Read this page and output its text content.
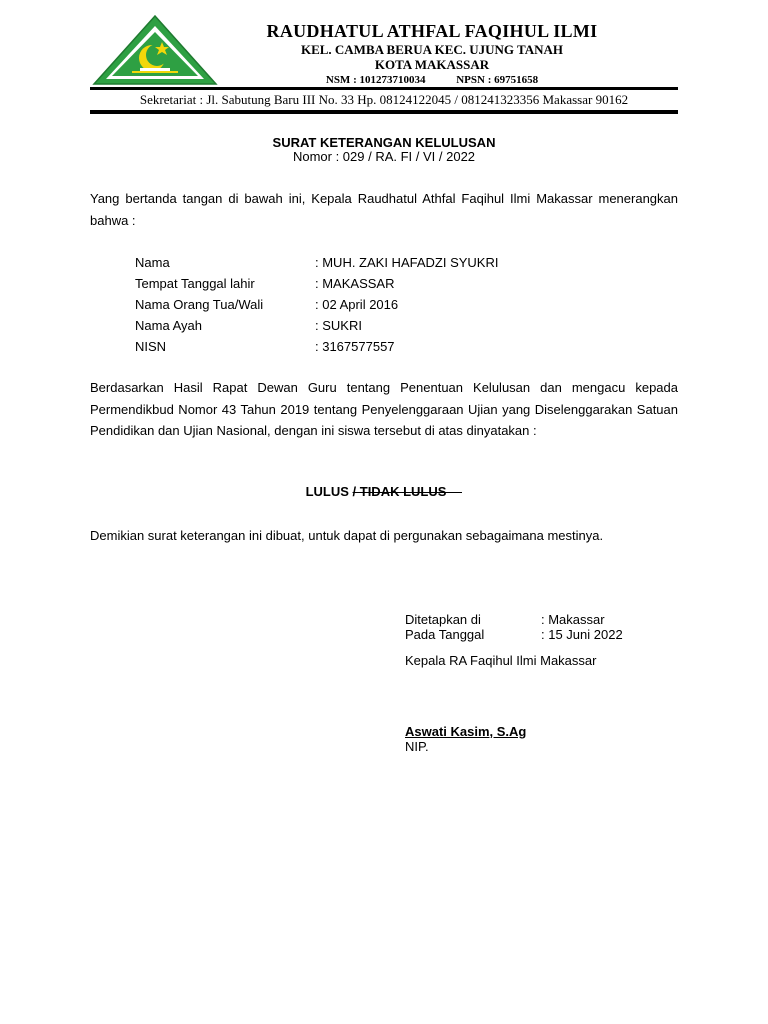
RAUDHATUL ATHFAL FAQIHUL ILMI
KEL. CAMBA BERUA KEC. UJUNG TANAH
KOTA MAKASSAR
NSM : 101273710034	NPSN : 69751658
Sekretariat : Jl. Sabutung Baru III No. 33 Hp. 08124122045 / 081241323356 Makassar 90162
SURAT KETERANGAN KELULUSAN
Nomor : 029 / RA. FI / VI / 2022
Yang bertanda tangan di bawah ini, Kepala Raudhatul Athfal Faqihul Ilmi Makassar menerangkan bahwa :
Nama	: MUH. ZAKI HAFADZI SYUKRI
Tempat Tanggal lahir	: MAKASSAR
Nama Orang Tua/Wali	: 02 April 2016
Nama Ayah	: SUKRI
NISN	: 3167577557
Berdasarkan Hasil Rapat Dewan Guru tentang Penentuan Kelulusan dan mengacu kepada Permendikbud Nomor 43 Tahun 2019 tentang Penyelenggaraan Ujian yang Diselenggarakan Satuan Pendidikan dan Ujian Nasional, dengan ini siswa tersebut di atas dinyatakan :
LULUS / TIDAK LULUS
Demikian surat keterangan ini dibuat, untuk dapat di pergunakan sebagaimana mestinya.
Ditetapkan di	: Makassar
Pada Tanggal	: 15 Juni 2022
Kepala RA Faqihul Ilmi Makassar
Aswati Kasim, S.Ag
NIP.
